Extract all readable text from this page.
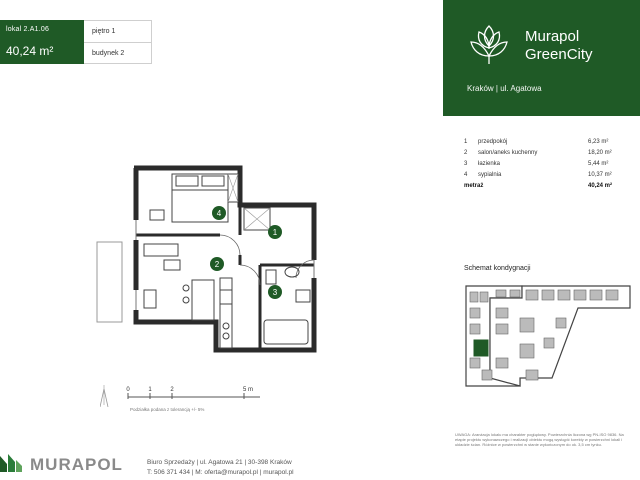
lokal 2.A1.06
40,24 m²
piętro 1
budynek 2
Murapol
GreenCity
Kraków | ul. Agatowa
1 przedpokój	6,23 m²
2 salon/aneks kuchenny	18,20 m²
3 łazienka	5,44 m²
4 sypialnia	10,37 m²
metraż	40,24 m²
Schemat kondygnacji
4
1
2
3
0	1	2	5 m
Podziałka podana z tolerancją +/- 5%
UWAGA: Aranżacja lokalu ma charakter poglądowy. Powierzchnia liczona wg PN-ISO 9836. Na etapie projektu wykonawczego i realizacji obiektu mogą wystąpić korekty w powierzchni lokali i układzie ścian. Różnice w powierzchni w stanie wykończonym do ok. 3,5 cm tynku.
MURAPOL	Biuro Sprzedaży | ul. Agatowa 21 | 30-398 Kraków
T: 506 371 434 | M: oferta@murapol.pl | murapol.pl
